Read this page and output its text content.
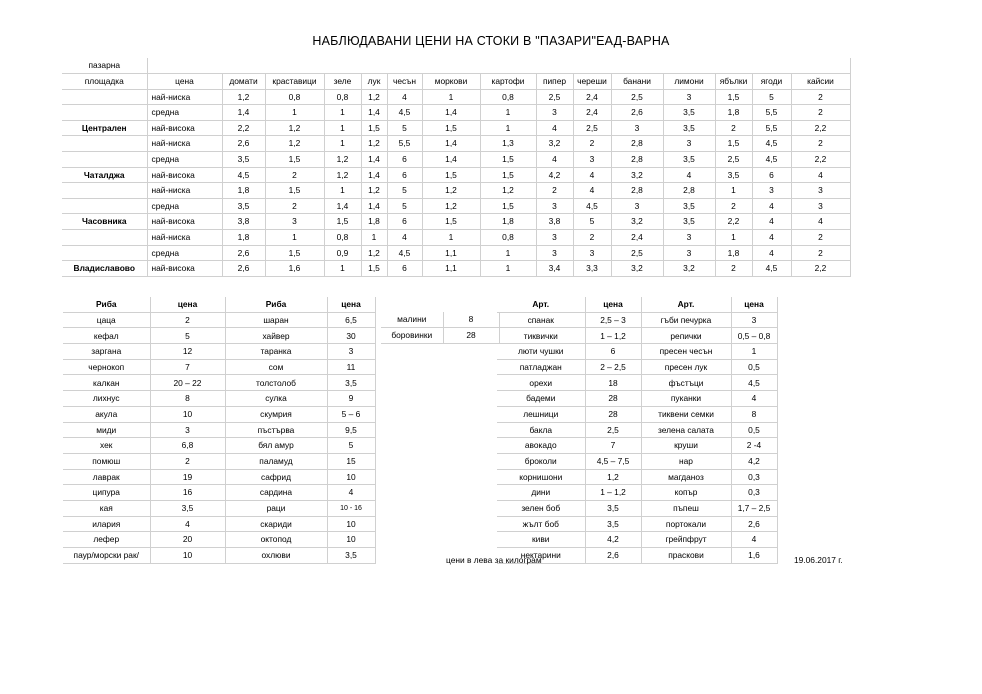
НАБЛЮДАВАНИ ЦЕНИ НА СТОКИ В "ПАЗАРИ"ЕАД-ВАРНА
пазарна															
площадка	цена	домати	краставици	зеле	лук	чесън	моркови	картофи	пипер	череши	банани	лимони	ябълки	ягоди	кайсии
	най-ниска	1,2	0,8	0,8	1,2	4	1	0,8	2,5	2,4	2,5	3	1,5	5	2
	средна	1,4	1	1	1,4	4,5	1,4	1	3	2,4	2,6	3,5	1,8	5,5	2
Централен	най-висока	2,2	1,2	1	1,5	5	1,5	1	4	2,5	3	3,5	2	5,5	2,2
	най-ниска	2,6	1,2	1	1,2	5,5	1,4	1,3	3,2	2	2,8	3	1,5	4,5	2
	средна	3,5	1,5	1,2	1,4	6	1,4	1,5	4	3	2,8	3,5	2,5	4,5	2,2
Чаталджа	най-висока	4,5	2	1,2	1,4	6	1,5	1,5	4,2	4	3,2	4	3,5	6	4
	най-ниска	1,8	1,5	1	1,2	5	1,2	1,2	2	4	2,8	2,8	1	3	3
	средна	3,5	2	1,4	1,4	5	1,2	1,5	3	4,5	3	3,5	2	4	3
Часовника	най-висока	3,8	3	1,5	1,8	6	1,5	1,8	3,8	5	3,2	3,5	2,2	4	4
	най-ниска	1,8	1	0,8	1	4	1	0,8	3	2	2,4	3	1	4	2
	средна	2,6	1,5	0,9	1,2	4,5	1,1	1	3	3	2,5	3	1,8	4	2
Владиславово	най-висока	2,6	1,6	1	1,5	6	1,1	1	3,4	3,3	3,2	3,2	2	4,5	2,2
Риба	цена	Риба	цена
цаца	2	шаран	6,5
кефал	5	хайвер	30
заргана	12	таранка	3
чернокоп	7	сом	11
калкан	20 – 22	толстолоб	3,5
лихнус	8	сулка	9
акула	10	скумрия	5 – 6
миди	3	пъстърва	9,5
хек	6,8	бял амур	5
помюш	2	паламуд	15
лаврак	19	сафрид	10
ципура	16	сардина	4
кая	3,5	раци	10 - 16
илария	4	скариди	10
лефер	20	октопод	10
паур/морски рак/	10	охлюви	3,5
малини	8
боровинки	28
Арт.	цена	Арт.	цена
спанак	2,5 – 3	гъби печурка	3
тиквички	1 – 1,2	репички	0,5 – 0,8
люти чушки	6	пресен чесън	1
патладжан	2 – 2,5	пресен лук	0,5
орехи	18	фъстъци	4,5
бадеми	28	пуканки	4
лешници	28	тиквени семки	8
бакла	2,5	зелена салата	0,5
авокадо	7	круши	2 -4
броколи	4,5 – 7,5	нар	4,2
корнишони	1,2	магданоз	0,3
дини	1 – 1,2	копър	0,3
зелен боб	3,5	пъпеш	1,7 – 2,5
жълт боб	3,5	портокали	2,6
киви	4,2	грейпфрут	4
нектарини	2,6	праскови	1,6
цени в лева за килограм	19.06.2017 г.
